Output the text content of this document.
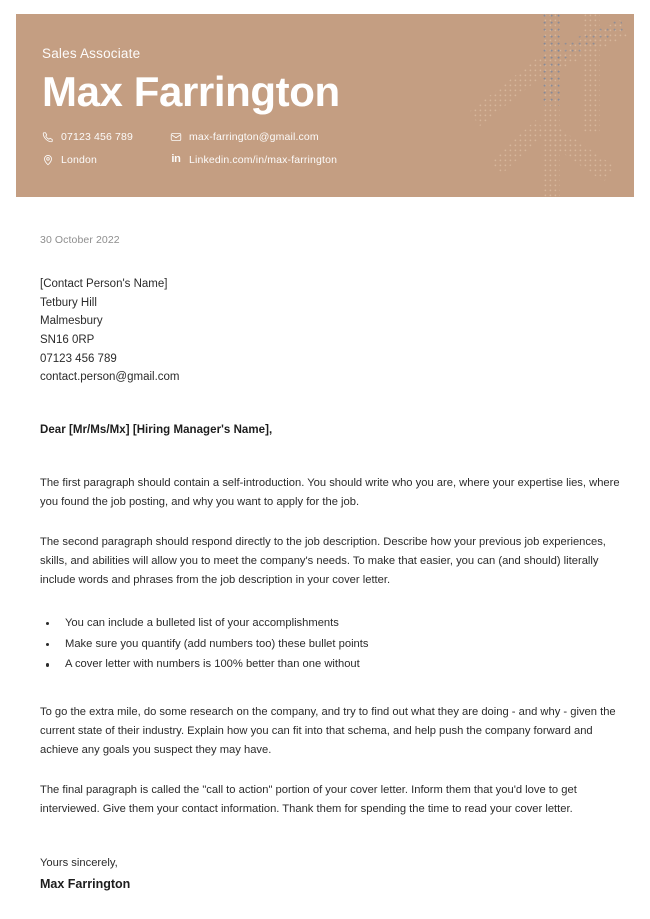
Sales Associate
Max Farrington
07123 456 789	max-farrington@gmail.com
London	in Linkedin.com/in/max-farrington
30 October 2022
[Contact Person's Name]
Tetbury Hill
Malmesbury
SN16 0RP
07123 456 789
contact.person@gmail.com
Dear [Mr/Ms/Mx] [Hiring Manager's Name],

The first paragraph should contain a self-introduction. You should write who you are, where your expertise lies, where you found the job posting, and why you want to apply for the job.

The second paragraph should respond directly to the job description. Describe how your previous job experiences, skills, and abilities will allow you to meet the company's needs. To make that easier, you can (and should) literally include words and phrases from the job description in your cover letter.

You can include a bulleted list of your accomplishments
Make sure you quantify (add numbers too) these bullet points
A cover letter with numbers is 100% better than one without

To go the extra mile, do some research on the company, and try to find out what they are doing - and why - given the current state of their industry. Explain how you can fit into that schema, and help push the company forward and achieve any goals you suspect they may have.

The final paragraph is called the "call to action" portion of your cover letter. Inform them that you'd love to get interviewed. Give them your contact information. Thank them for spending the time to read your cover letter.

Yours sincerely,
Max Farrington
